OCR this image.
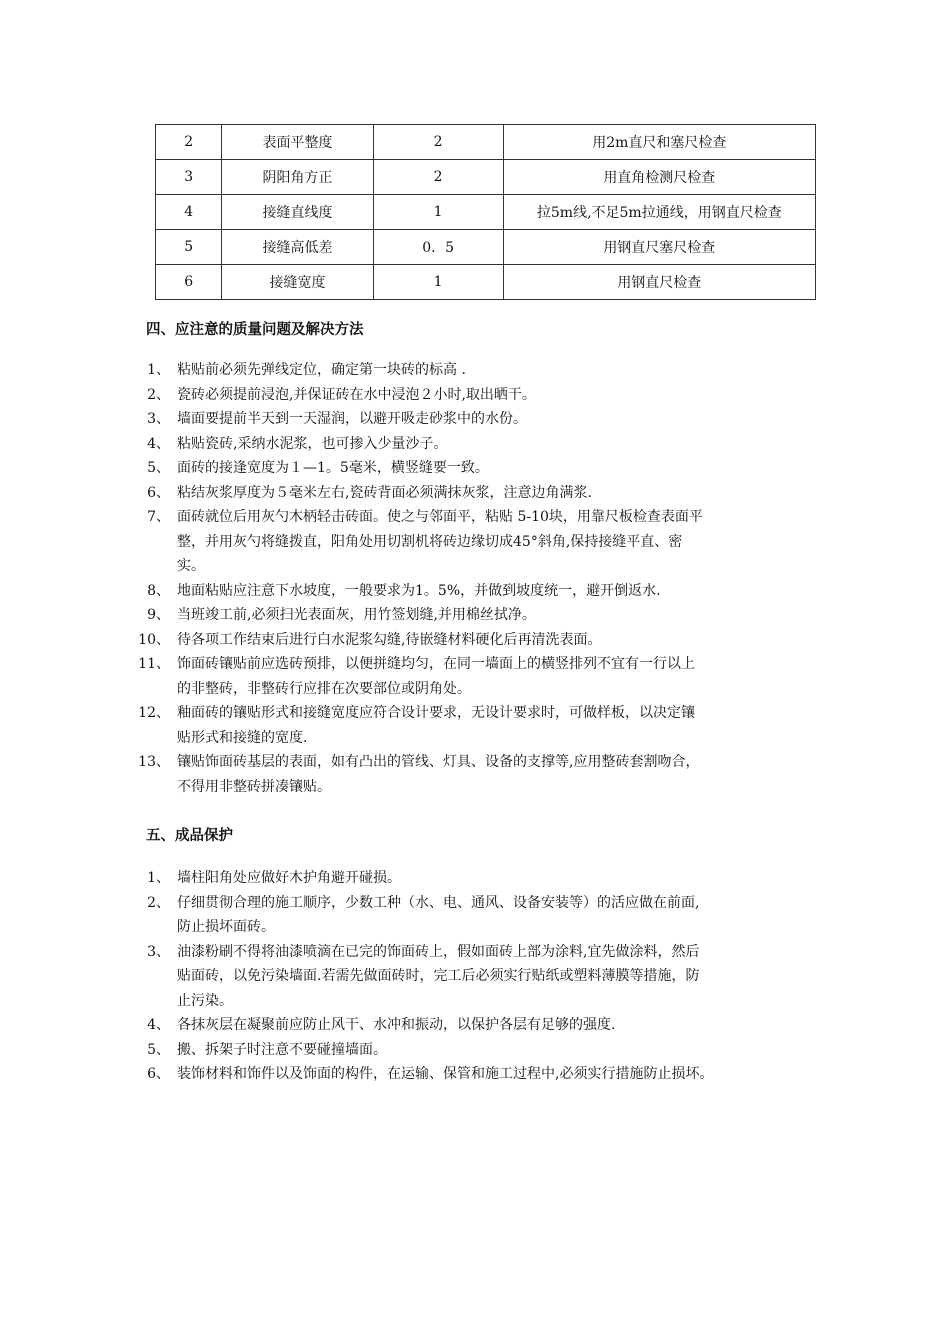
2	表面平整度	2	用2m直尺和塞尺检查
3	阴阳角方正	2	用直角检测尺检查
4	接缝直线度	1	拉5m线,不足5m拉通线，用钢直尺检查
5	接缝高低差	0．5	用钢直尺塞尺检查
6	接缝宽度	1	用钢直尺检查
四、应注意的质量问题及解决方法
1、 粘贴前必须先弹线定位，确定第一块砖的标高 .
2、 瓷砖必须提前浸泡,并保证砖在水中浸泡２小时,取出晒干。
3、 墙面要提前半天到一天湿润，以避开吸走砂浆中的水份。
4、 粘贴瓷砖,采纳水泥浆，也可掺入少量沙子。
5、 面砖的接逢宽度为１—1。5毫米，横竖缝要一致。
6、 粘结灰浆厚度为５毫米左右,瓷砖背面必须满抹灰浆，注意边角满浆.
7、 面砖就位后用灰勺木柄轻击砖面。使之与邻面平，粘贴 5-10块，用靠尺板检查表面平
整，并用灰勺将缝拨直，阳角处用切割机将砖边缘切成45°斜角,保持接缝平直、密
实。
8、 地面粘贴应注意下水坡度，一般要求为1。5%，并做到坡度统一，避开倒返水.
9、 当班竣工前,必须扫光表面灰，用竹签划缝,并用棉丝拭净。
10、 待各项工作结束后进行白水泥浆勾缝,待嵌缝材料硬化后再清洗表面。
11、 饰面砖镶贴前应选砖预排，以便拼缝均匀，在同一墙面上的横竖排列不宜有一行以上
的非整砖，非整砖行应排在次要部位或阴角处。
12、 釉面砖的镶贴形式和接缝宽度应符合设计要求，无设计要求时，可做样板，以决定镶
贴形式和接缝的宽度.
13、 镶贴饰面砖基层的表面，如有凸出的管线、灯具、设备的支撑等,应用整砖套割吻合，
不得用非整砖拼凑镶贴。
五、成品保护
1、 墙柱阳角处应做好木护角避开碰损。
2、 仔细贯彻合理的施工顺序，少数工种（水、电、通风、设备安装等）的活应做在前面,
防止损坏面砖。
3、 油漆粉刷不得将油漆喷滴在已完的饰面砖上，假如面砖上部为涂料,宜先做涂料，然后
贴面砖，以免污染墙面.若需先做面砖时，完工后必须实行贴纸或塑料薄膜等措施，防
止污染。
4、 各抹灰层在凝聚前应防止风干、水冲和振动，以保护各层有足够的强度.
5、 搬、拆架子时注意不要碰撞墙面。
6、 装饰材料和饰件以及饰面的构件，在运输、保管和施工过程中,必须实行措施防止损坏。
